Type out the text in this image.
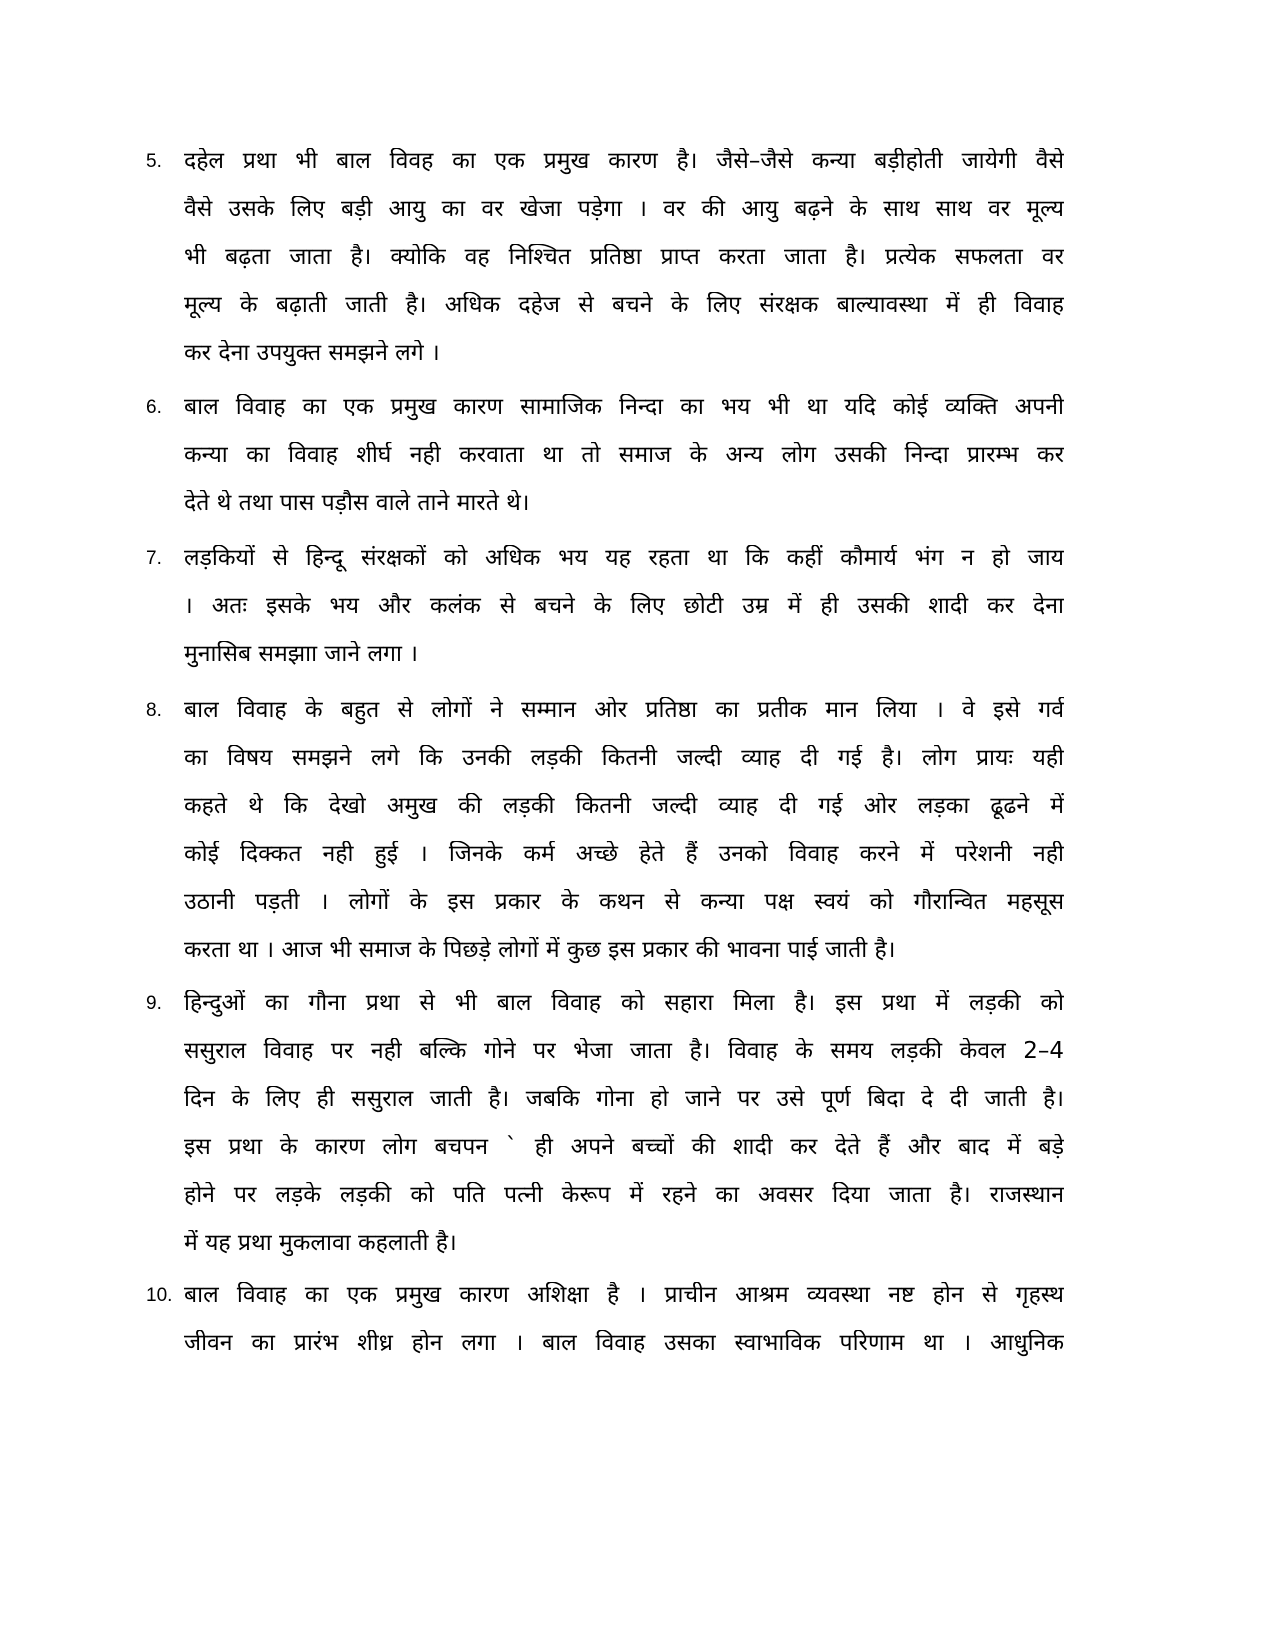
5. दहेल प्रथा भी बाल विवह का एक प्रमुख कारण है। जैसे–जैसे कन्या बड़ीहोती जायेगी वैसे
वैसे उसके लिए बड़ी आयु का वर खेजा पड़ेगा । वर की आयु बढ़ने के साथ साथ वर मूल्य
भी बढ़ता जाता है। क्योकि वह निश्चित प्रतिष्ठा प्राप्त करता जाता है। प्रत्येक सफलता वर
मूल्य के बढ़ाती जाती है। अधिक दहेज से बचने के लिए संरक्षक बाल्यावस्था में ही विवाह
कर देना उपयुक्त समझने लगे ।
6. बाल विवाह का एक प्रमुख कारण सामाजिक निन्दा का भय भी था यदि कोई व्यक्ति अपनी
कन्या का विवाह शीर्घ नही करवाता था तो समाज के अन्य लोग उसकी निन्दा प्रारम्भ कर
देते थे तथा पास पड़ौस वाले ताने मारते थे।
7. लड़कियों से हिन्दू संरक्षकों को अधिक भय यह रहता था कि कहीं कौमार्य भंग न हो जाय
। अतः इसके भय और कलंक से बचने के लिए छोटी उम्र में ही उसकी शादी कर देना
मुनासिब समझाा जाने लगा ।
8. बाल विवाह के बहुत से लोगों ने सम्मान ओर प्रतिष्ठा का प्रतीक मान लिया । वे इसे गर्व
का विषय समझने लगे कि उनकी लड़की कितनी जल्दी व्याह दी गई है। लोग प्रायः यही
कहते थे कि देखो अमुख की लड़की कितनी जल्दी व्याह दी गई ओर लड़का ढूढने में
कोई दिक्कत नही हुई । जिनके कर्म अच्छे हेते हैं उनको विवाह करने में परेशनी नही
उठानी पड़ती । लोगों के इस प्रकार के कथन से कन्या पक्ष स्वयं को गौरान्वित महसूस
करता था । आज भी समाज के पिछड़े लोगों में कुछ इस प्रकार की भावना पाई जाती है।
9. हिन्दुओं का गौना प्रथा से भी बाल विवाह को सहारा मिला है। इस प्रथा में लड़की को
ससुराल विवाह पर नही बल्कि गोने पर भेजा जाता है। विवाह के समय लड़की केवल 2–4
दिन के लिए ही ससुराल जाती है। जबकि गोना हो जाने पर उसे पूर्ण बिदा दे दी जाती है।
इस प्रथा के कारण लोग बचपन ` ही अपने बच्चों की शादी कर देते हैं और बाद में बड़े
होने पर लड़के लड़की को पति पत्नी केरूप में रहने का अवसर दिया जाता है। राजस्थान
में यह प्रथा मुकलावा कहलाती है।
10. बाल विवाह का एक प्रमुख कारण अशिक्षा है । प्राचीन आश्रम व्यवस्था नष्ट होन से गृहस्थ
जीवन का प्रारंभ शीध्र होन लगा । बाल विवाह उसका स्वाभाविक परिणाम था । आधुनिक
